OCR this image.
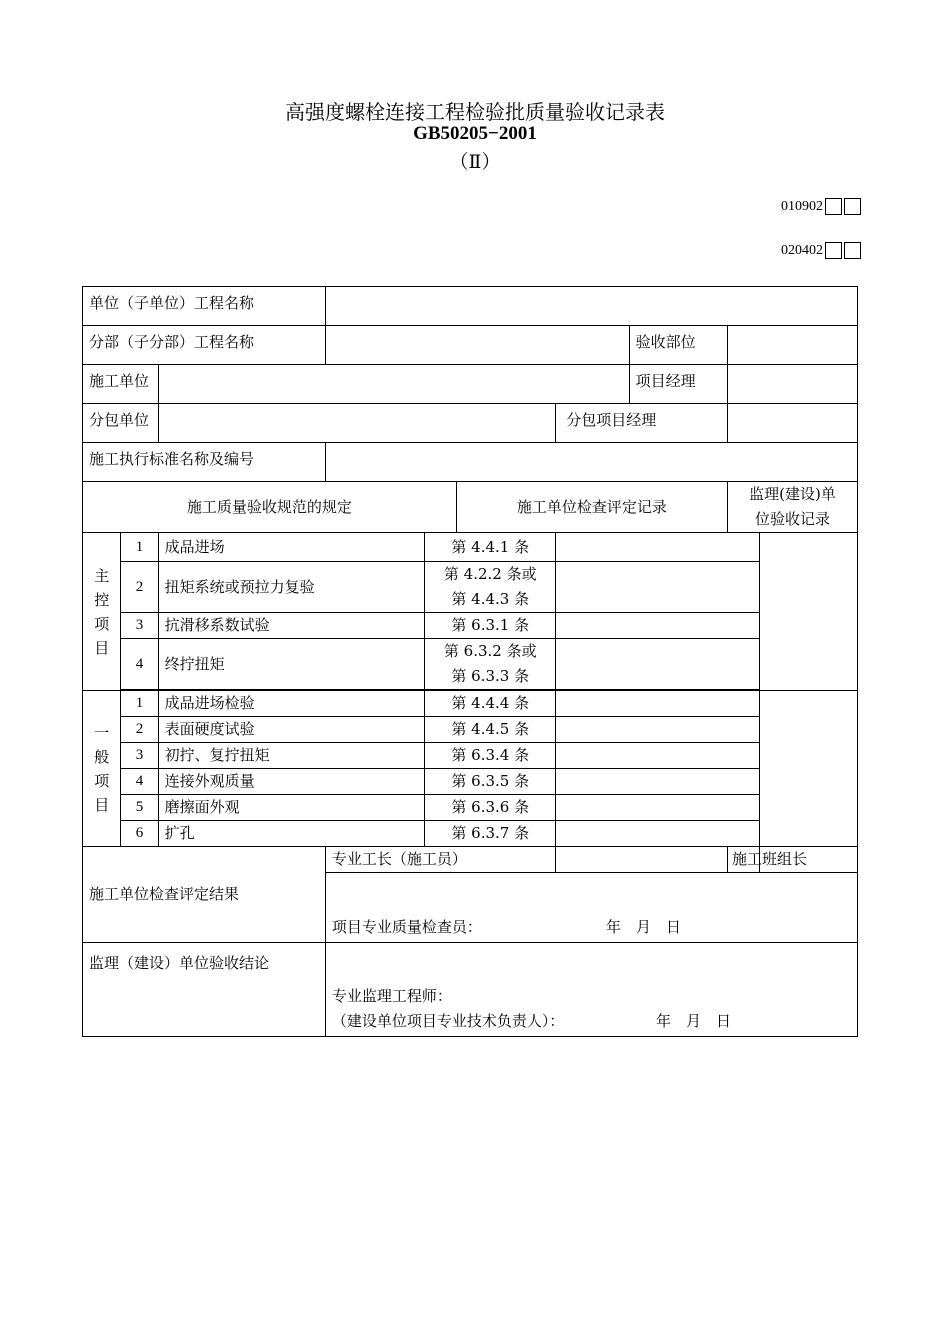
高强度螺栓连接工程检验批质量验收记录表
GB50205−2001
（Ⅱ）
010902
020402
单位（子单位）工程名称									
分部（子分部）工程名称							验收部位		
施工单位							项目经理		
分包单位						分包项目经理			
施工执行标准名称及编号									
施工质量验收规范的规定					施工单位检查评定记录			监理(建设)单
位验收记录	
主
控
项
目	1	成品进场		第 4.4.1 条					
	2	扭矩系统或预拉力复验		第 4.2.2 条或
第 4.4.3 条					
	3	抗滑移系数试验		第 6.3.1 条					
	4	终拧扭矩		第 6.3.2 条或
第 6.3.3 条					

一
般
项
目	1	成品进场检验		第 4.4.4 条					
	2	表面硬度试验		第 4.4.5 条					
	3	初拧、复拧扭矩		第 6.3.4 条					
	4	连接外观质量		第 6.3.5 条					
	5	磨擦面外观		第 6.3.6 条					
	6	扩孔		第 6.3.7 条					
施工单位检查评定结果			专业工长（施工员）					施工班组长	

			项目专业质量检查员： 年　月　日						

监理（建设）单位验收结论			专业监理工程师：
（建设单位项目专业技术负责人）： 年　月　日						
